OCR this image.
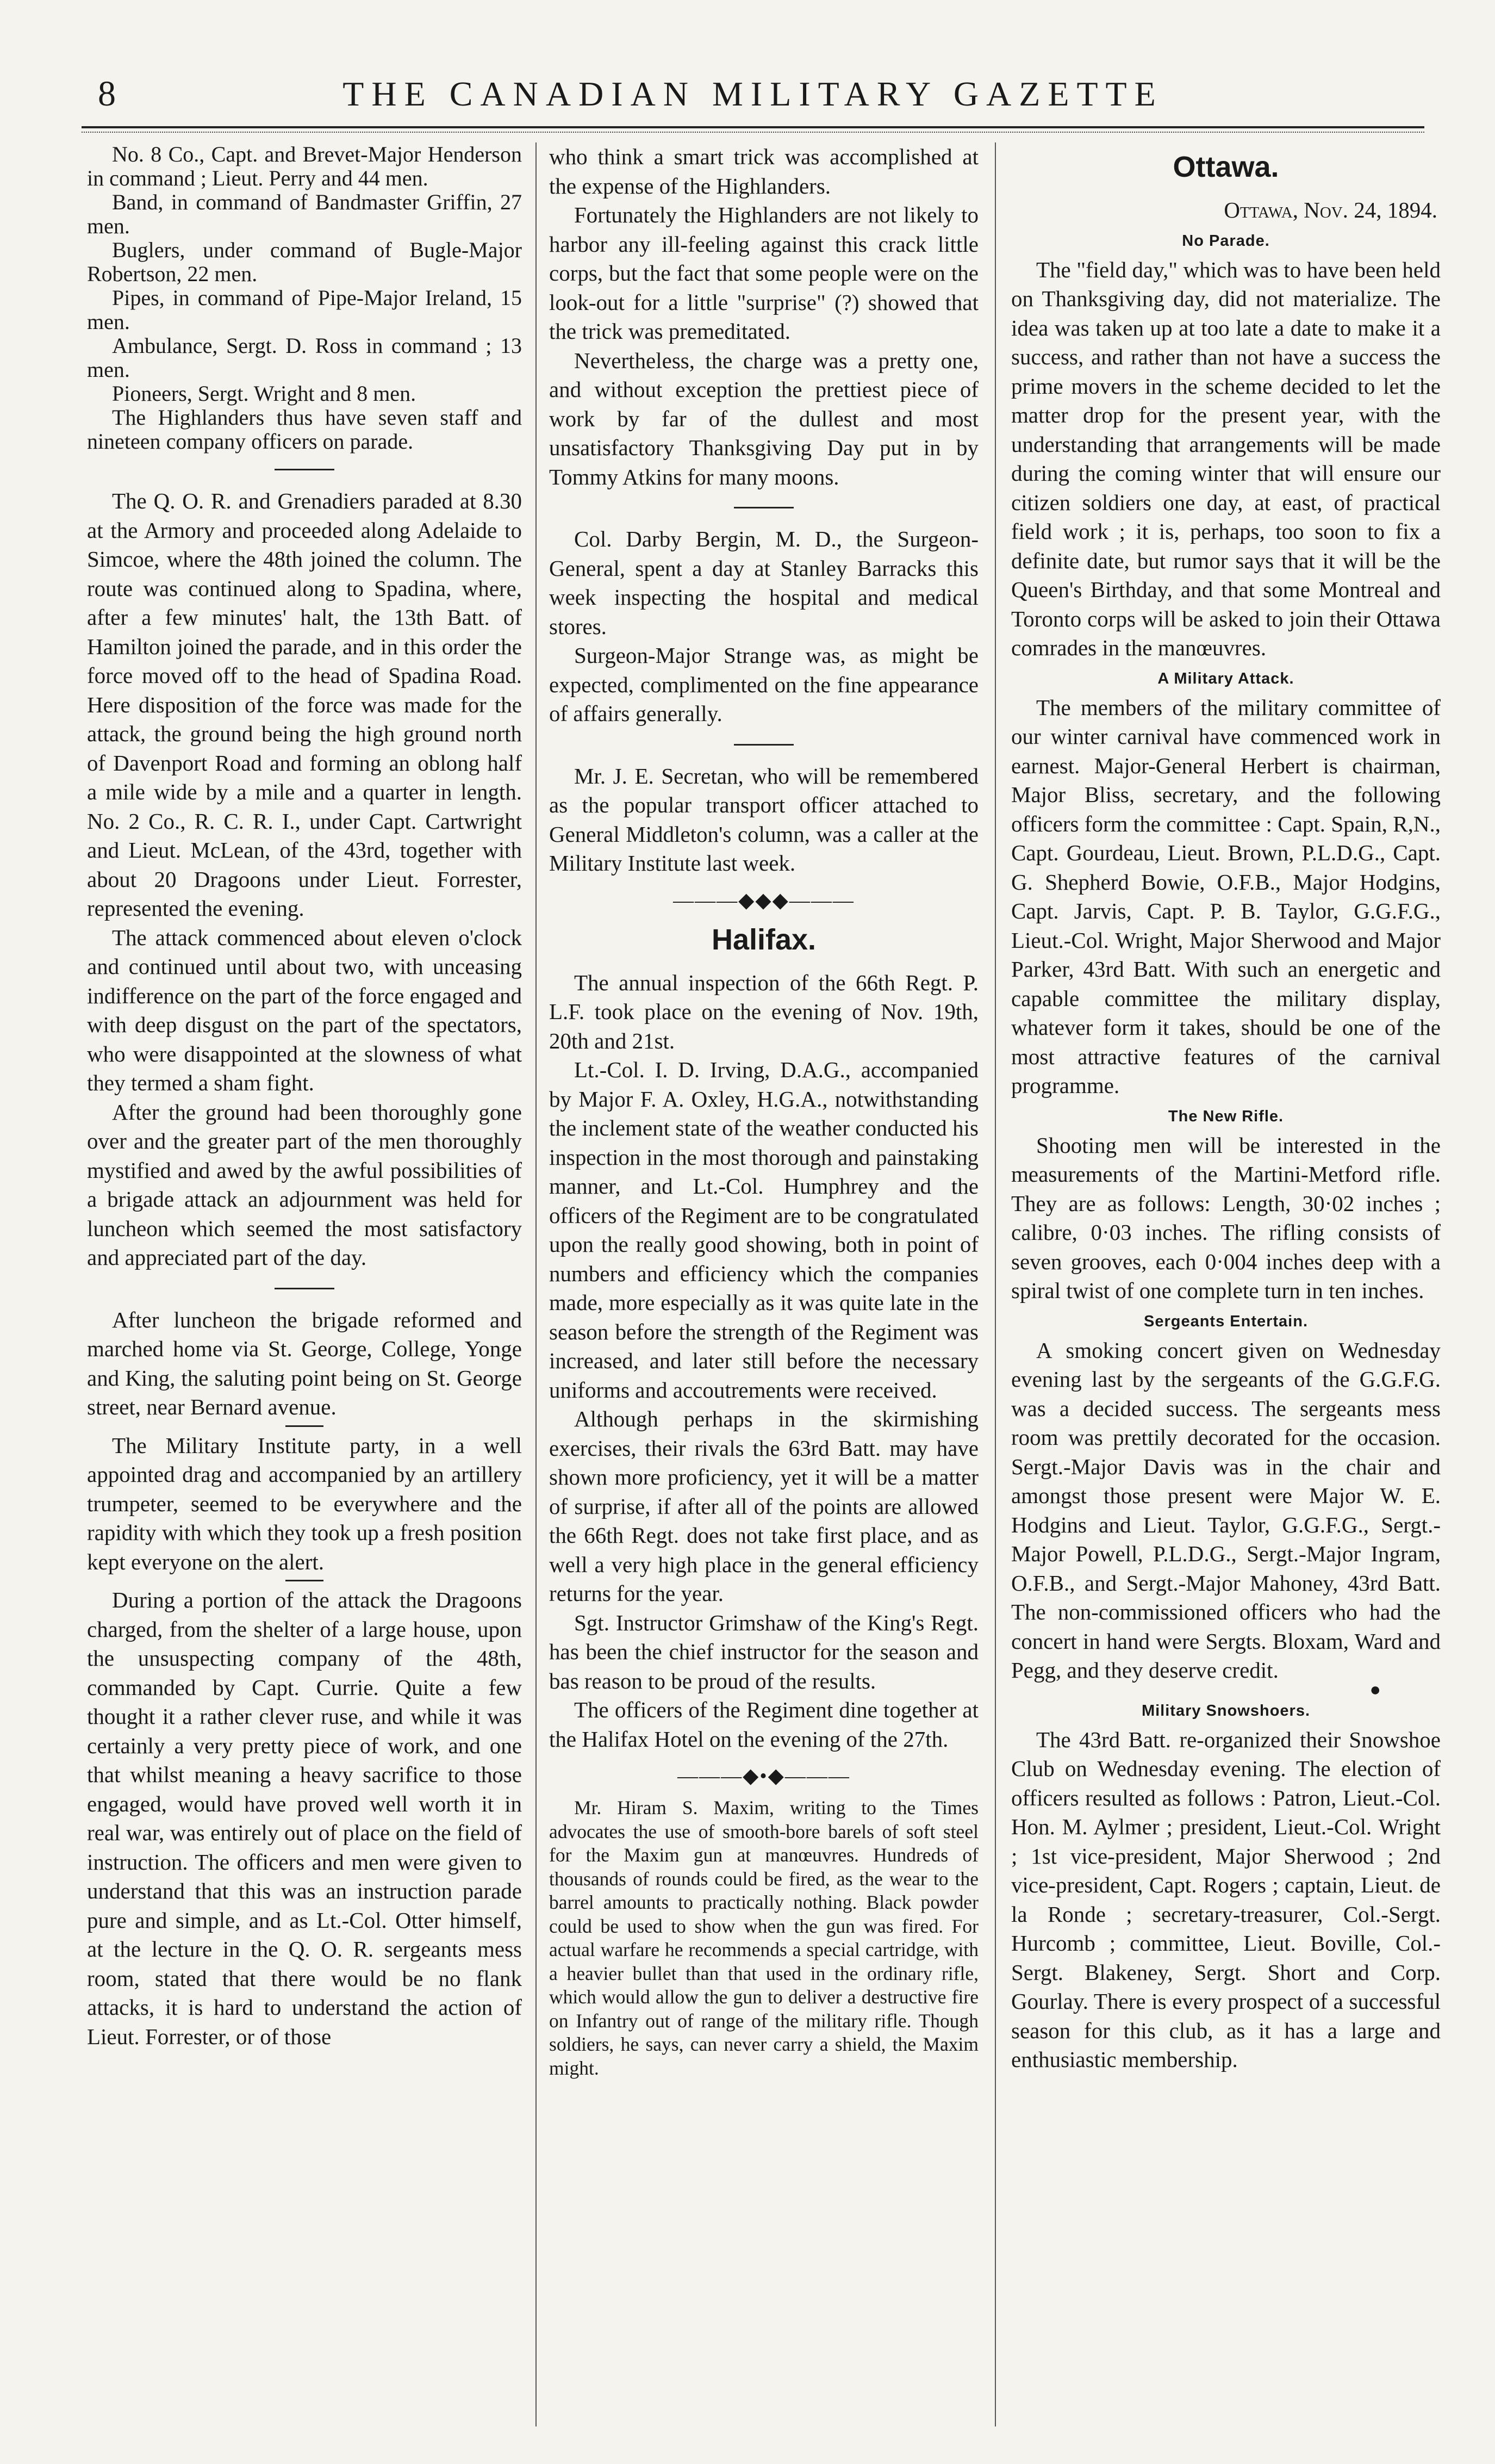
8	THE CANADIAN MILITARY GAZETTE

No. 8 Co., Capt. and Brevet-Major Henderson in command ; Lieut. Perry and 44 men.

Band, in command of Bandmaster Griffin, 27 men.

Buglers, under command of Bugle-Major Robertson, 22 men.

Pipes, in command of Pipe-Major Ireland, 15 men.

Ambulance, Sergt. D. Ross in command ; 13 men.

Pioneers, Sergt. Wright and 8 men.

The Highlanders thus have seven staff and nineteen company officers on parade.

The Q. O. R. and Grenadiers paraded at 8.30 at the Armory and proceeded along Adelaide to Simcoe, where the 48th joined the column. The route was continued along to Spadina, where, after a few minutes' halt, the 13th Batt. of Hamilton joined the parade, and in this order the force moved off to the head of Spadina Road. Here disposition of the force was made for the attack, the ground being the high ground north of Davenport Road and forming an oblong half a mile wide by a mile and a quarter in length. No. 2 Co., R. C. R. I., under Capt. Cartwright and Lieut. McLean, of the 43rd, together with about 20 Dragoons under Lieut. Forrester, represented the evening.

The attack commenced about eleven o'clock and continued until about two, with unceasing indifference on the part of the force engaged and with deep disgust on the part of the spectators, who were disappointed at the slowness of what they termed a sham fight.

After the ground had been thoroughly gone over and the greater part of the men thoroughly mystified and awed by the awful possibilities of a brigade attack an adjournment was held for luncheon which seemed the most satisfactory and appreciated part of the day.

After luncheon the brigade reformed and marched home via St. George, College, Yonge and King, the saluting point being on St. George street, near Bernard avenue.

The Military Institute party, in a well appointed drag and accompanied by an artillery trumpeter, seemed to be everywhere and the rapidity with which they took up a fresh position kept everyone on the alert.

During a portion of the attack the Dragoons charged, from the shelter of a large house, upon the unsuspecting company of the 48th, commanded by Capt. Currie. Quite a few thought it a rather clever ruse, and while it was certainly a very pretty piece of work, and one that whilst meaning a heavy sacrifice to those engaged, would have proved well worth it in real war, was entirely out of place on the field of instruction. The officers and men were given to understand that this was an instruction parade pure and simple, and as Lt.-Col. Otter himself, at the lecture in the Q. O. R. sergeants mess room, stated that there would be no flank attacks, it is hard to understand the action of Lieut. Forrester, or of those

who think a smart trick was accomplished at the expense of the Highlanders.

Fortunately the Highlanders are not likely to harbor any ill-feeling against this crack little corps, but the fact that some people were on the look-out for a little "surprise" (?) showed that the trick was premeditated.

Nevertheless, the charge was a pretty one, and without exception the prettiest piece of work by far of the dullest and most unsatisfactory Thanksgiving Day put in by Tommy Atkins for many moons.

Col. Darby Bergin, M. D., the Surgeon-General, spent a day at Stanley Barracks this week inspecting the hospital and medical stores.

Surgeon-Major Strange was, as might be expected, complimented on the fine appearance of affairs generally.

Mr. J. E. Secretan, who will be remembered as the popular transport officer attached to General Middleton's column, was a caller at the Military Institute last week.

———◆◆◆———
Halifax.

The annual inspection of the 66th Regt. P. L.F. took place on the evening of Nov. 19th, 20th and 21st.

Lt.-Col. I. D. Irving, D.A.G., accompanied by Major F. A. Oxley, H.G.A., notwithstanding the inclement state of the weather conducted his inspection in the most thorough and painstaking manner, and Lt.-Col. Humphrey and the officers of the Regiment are to be congratulated upon the really good showing, both in point of numbers and efficiency which the companies made, more especially as it was quite late in the season before the strength of the Regiment was increased, and later still before the necessary uniforms and accoutrements were received.

Although perhaps in the skirmishing exercises, their rivals the 63rd Batt. may have shown more proficiency, yet it will be a matter of surprise, if after all of the points are allowed the 66th Regt. does not take first place, and as well a very high place in the general efficiency returns for the year.

Sgt. Instructor Grimshaw of the King's Regt. has been the chief instructor for the season and bas reason to be proud of the results.

The officers of the Regiment dine together at the Halifax Hotel on the evening of the 27th.

———◆•◆———

Mr. Hiram S. Maxim, writing to the Times advocates the use of smooth-bore barels of soft steel for the Maxim gun at manœuvres. Hundreds of thousands of rounds could be fired, as the wear to the barrel amounts to practically nothing. Black powder could be used to show when the gun was fired. For actual warfare he recommends a special cartridge, with a heavier bullet than that used in the ordinary rifle, which would allow the gun to deliver a destructive fire on Infantry out of range of the military rifle. Though soldiers, he says, can never carry a shield, the Maxim might.

Ottawa.

Ottawa, Nov. 24, 1894.

No Parade.

The "field day," which was to have been held on Thanksgiving day, did not materialize. The idea was taken up at too late a date to make it a success, and rather than not have a success the prime movers in the scheme decided to let the matter drop for the present year, with the understanding that arrangements will be made during the coming winter that will ensure our citizen soldiers one day, at east, of practical field work ; it is, perhaps, too soon to fix a definite date, but rumor says that it will be the Queen's Birthday, and that some Montreal and Toronto corps will be asked to join their Ottawa comrades in the manœuvres.

A Military Attack.

The members of the military committee of our winter carnival have commenced work in earnest. Major-General Herbert is chairman, Major Bliss, secretary, and the following officers form the committee : Capt. Spain, R,N., Capt. Gourdeau, Lieut. Brown, P.L.D.G., Capt. G. Shepherd Bowie, O.F.B., Major Hodgins, Capt. Jarvis, Capt. P. B. Taylor, G.G.F.G., Lieut.-Col. Wright, Major Sherwood and Major Parker, 43rd Batt. With such an energetic and capable committee the military display, whatever form it takes, should be one of the most attractive features of the carnival programme.

The New Rifle.

Shooting men will be interested in the measurements of the Martini-Metford rifle. They are as follows: Length, 30·02 inches ; calibre, 0·03 inches. The rifling consists of seven grooves, each 0·004 inches deep with a spiral twist of one complete turn in ten inches.

Sergeants Entertain.

A smoking concert given on Wednesday evening last by the sergeants of the G.G.F.G. was a decided success. The sergeants mess room was prettily decorated for the occasion. Sergt.-Major Davis was in the chair and amongst those present were Major W. E. Hodgins and Lieut. Taylor, G.G.F.G., Sergt.-Major Powell, P.L.D.G., Sergt.-Major Ingram, O.F.B., and Sergt.-Major Mahoney, 43rd Batt. The non-commissioned officers who had the concert in hand were Sergts. Bloxam, Ward and Pegg, and they deserve credit.

●
Military Snowshoers.

The 43rd Batt. re-organized their Snowshoe Club on Wednesday evening. The election of officers resulted as follows : Patron, Lieut.-Col. Hon. M. Aylmer ; president, Lieut.-Col. Wright ; 1st vice-president, Major Sherwood ; 2nd vice-president, Capt. Rogers ; captain, Lieut. de la Ronde ; secretary-treasurer, Col.-Sergt. Hurcomb ; committee, Lieut. Boville, Col.-Sergt. Blakeney, Sergt. Short and Corp. Gourlay. There is every prospect of a successful season for this club, as it has a large and enthusiastic membership.
